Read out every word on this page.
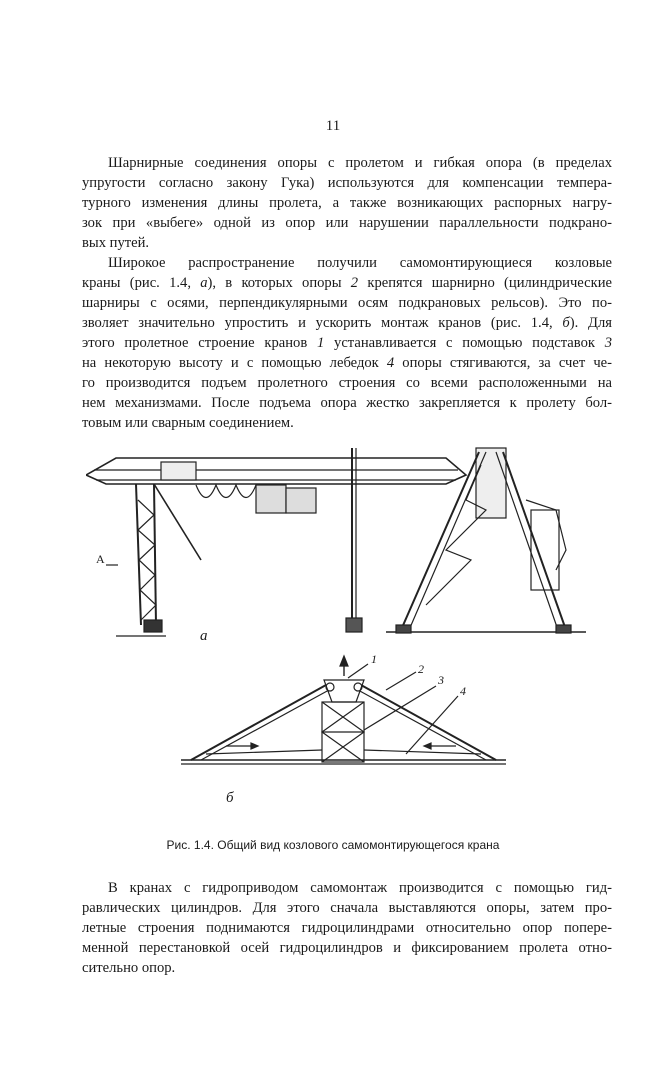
11

Шарнирные соединения опоры с пролетом и гибкая опора (в пределах
упругости согласно закону Гука) используются для компенсации темпера-
турного изменения длины пролета, а также возникающих распорных нагру-
зок при «выбеге» одной из опор или нарушении параллельности подкрано-
вых путей.

Широкое распространение получили самомонтирующиеся козловые
краны (рис. 1.4, а), в которых опоры 2 крепятся шарнирно (цилиндрические
шарниры с осями, перпендикулярными осям подкрановых рельсов). Это по-
зволяет значительно упростить и ускорить монтаж кранов (рис. 1.4, б). Для
этого пролетное строение кранов 1 устанавливается с помощью подставок 3
на некоторую высоту и с помощью лебедок 4 опоры стягиваются, за счет че-
го производится подъем пролетного строения со всеми расположенными на
нем механизмами. После подъема опора жестко закрепляется к пролету бол-
товым или сварным соединением.

а
б
А
1
2
3
4
Рис. 1.4. Общий вид козлового самомонтирующегося крана

В кранах с гидроприводом самомонтаж производится с помощью гид-
равлических цилиндров. Для этого сначала выставляются опоры, затем про-
летные строения поднимаются гидроцилиндрами относительно опор попере-
менной перестановкой осей гидроцилиндров и фиксированием пролета отно-
сительно опор.
